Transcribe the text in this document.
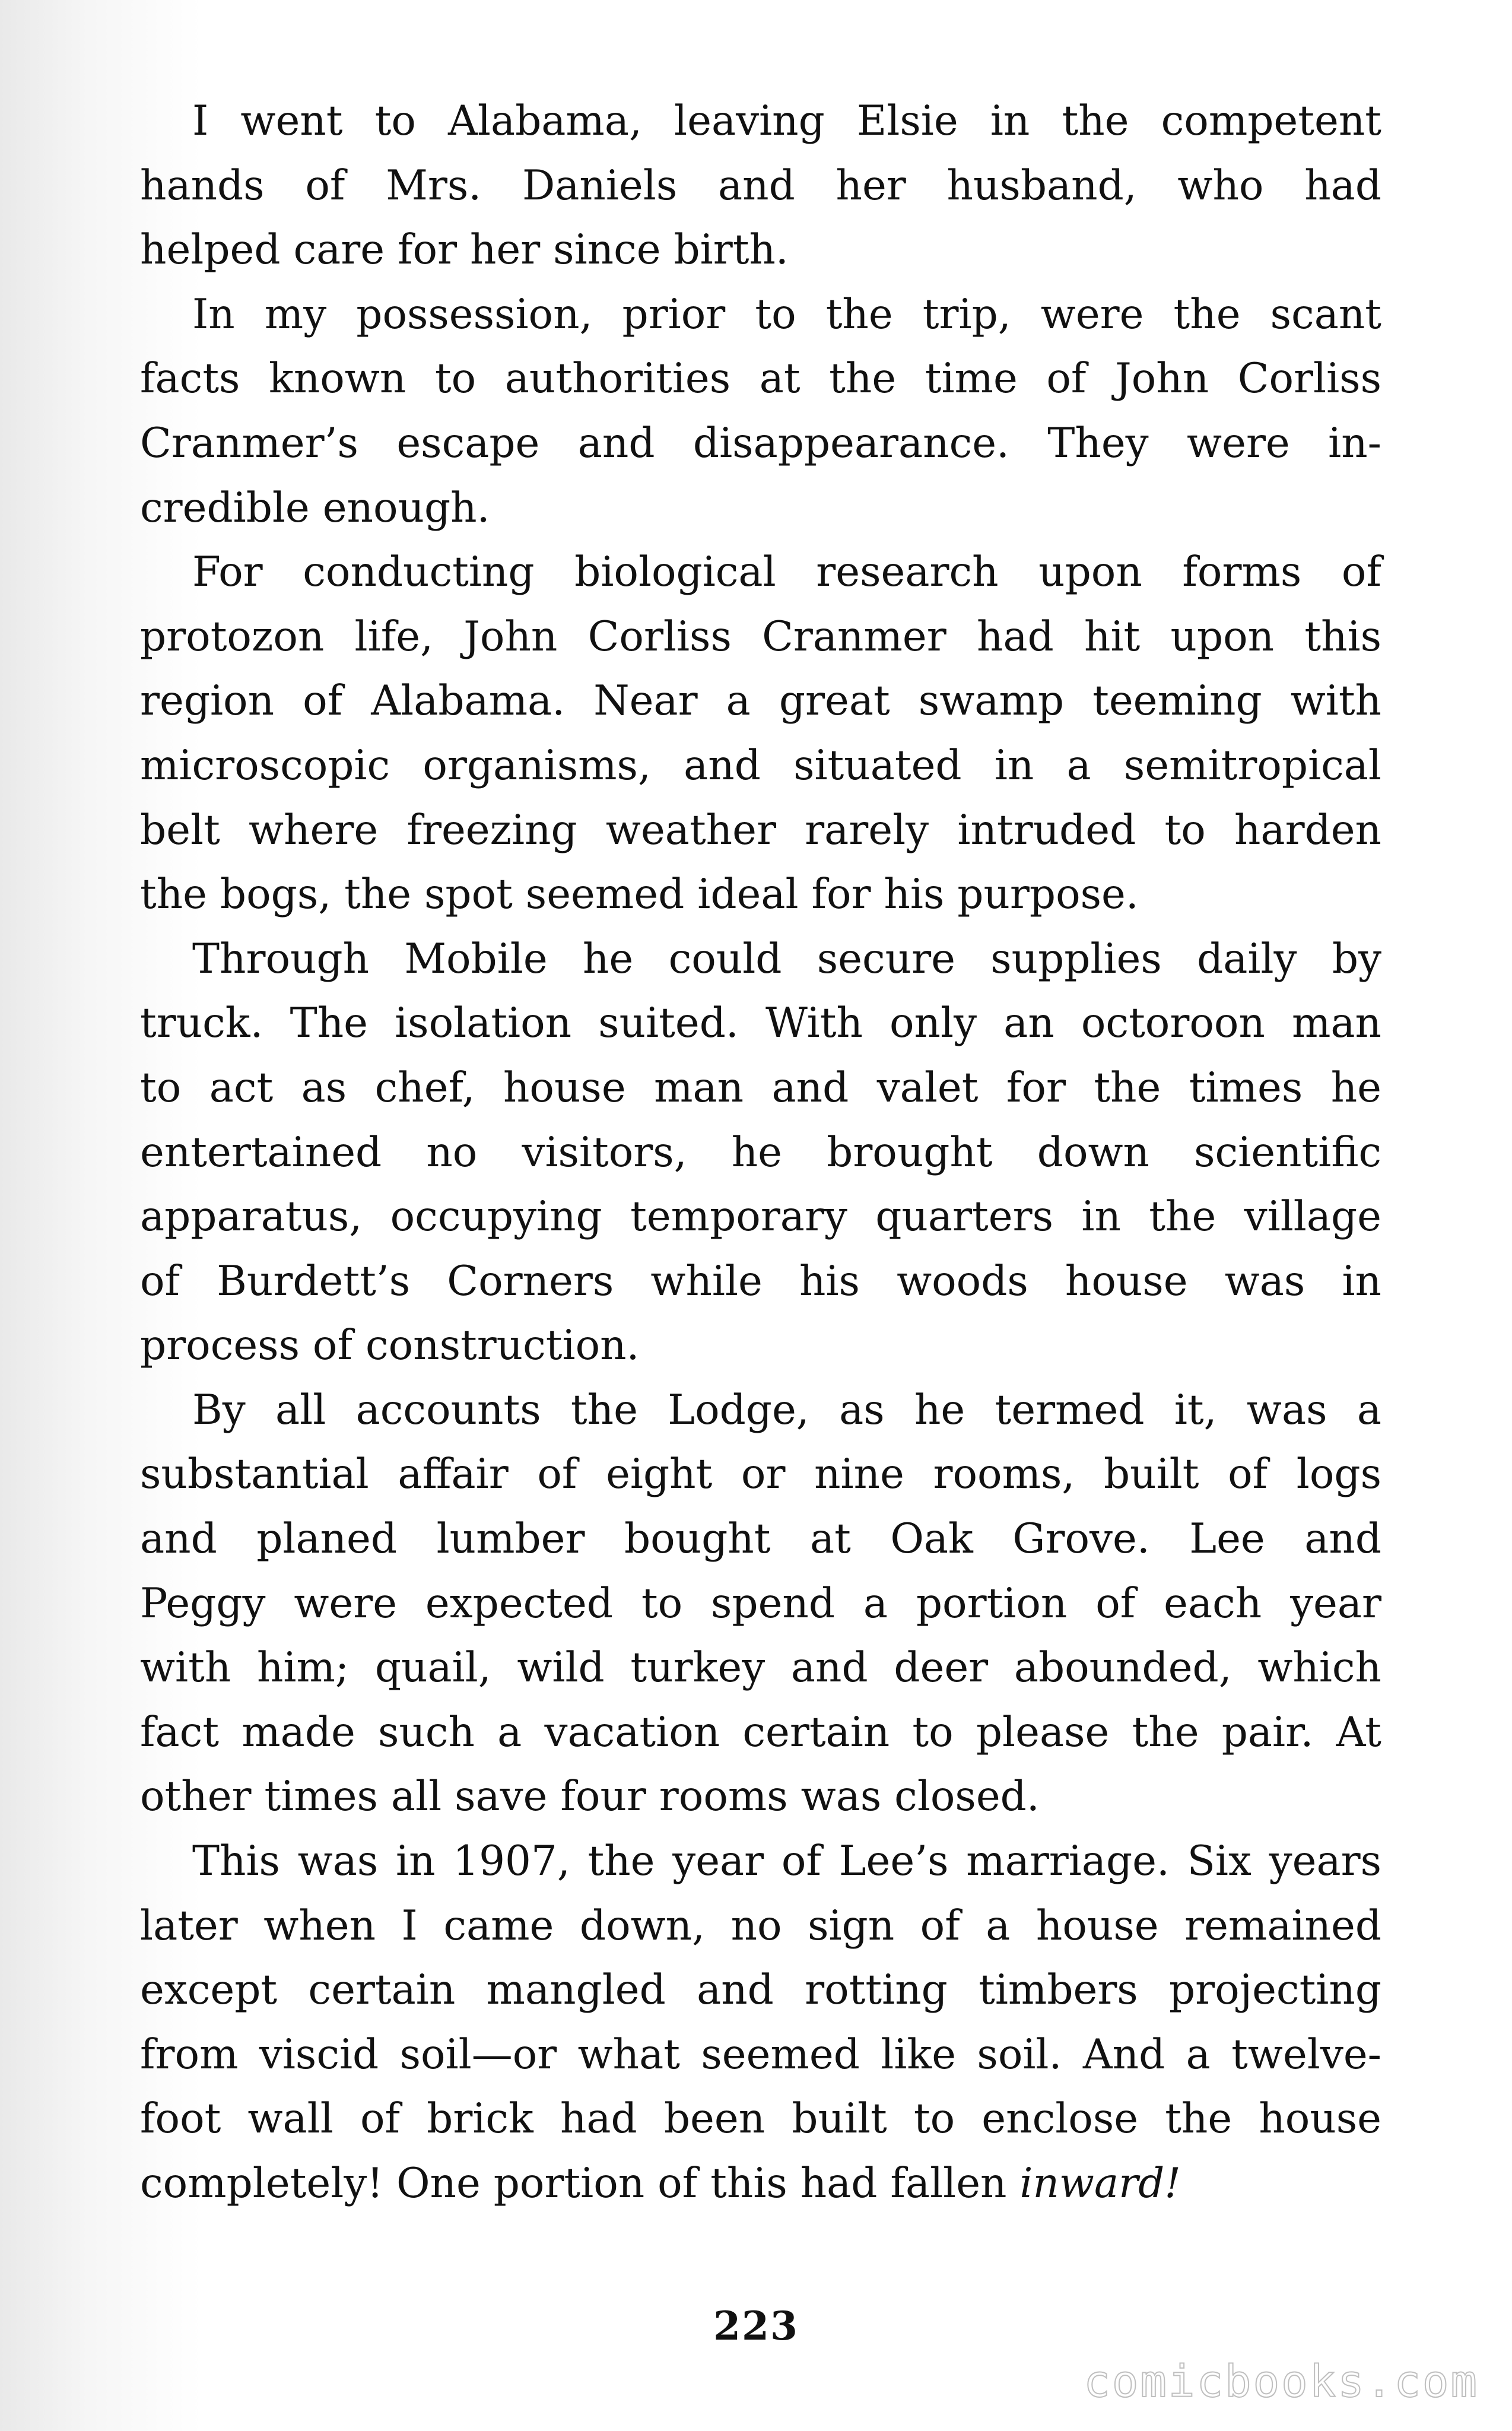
I went to Alabama, leaving Elsie in the competent
hands of Mrs. Daniels and her husband, who had
helped care for her since birth.

In my possession, prior to the trip, were the scant
facts known to authorities at the time of John Corliss
Cranmer’s escape and disappearance. They were in-
credible enough.

For conducting biological research upon forms of
protozon life, John Corliss Cranmer had hit upon this
region of Alabama. Near a great swamp teeming with
microscopic organisms, and situated in a semitropical
belt where freezing weather rarely intruded to harden
the bogs, the spot seemed ideal for his purpose.

Through Mobile he could secure supplies daily by
truck. The isolation suited. With only an octoroon man
to act as chef, house man and valet for the times he
entertained no visitors, he brought down scientific
apparatus, occupying temporary quarters in the village
of Burdett’s Corners while his woods house was in
process of construction.

By all accounts the Lodge, as he termed it, was a
substantial affair of eight or nine rooms, built of logs
and planed lumber bought at Oak Grove. Lee and
Peggy were expected to spend a portion of each year
with him; quail, wild turkey and deer abounded, which
fact made such a vacation certain to please the pair. At
other times all save four rooms was closed.

This was in 1907, the year of Lee’s marriage. Six years
later when I came down, no sign of a house remained
except certain mangled and rotting timbers projecting
from viscid soil—or what seemed like soil. And a twelve-
foot wall of brick had been built to enclose the house
completely! One portion of this had fallen inward!

223
comicbooks.com
